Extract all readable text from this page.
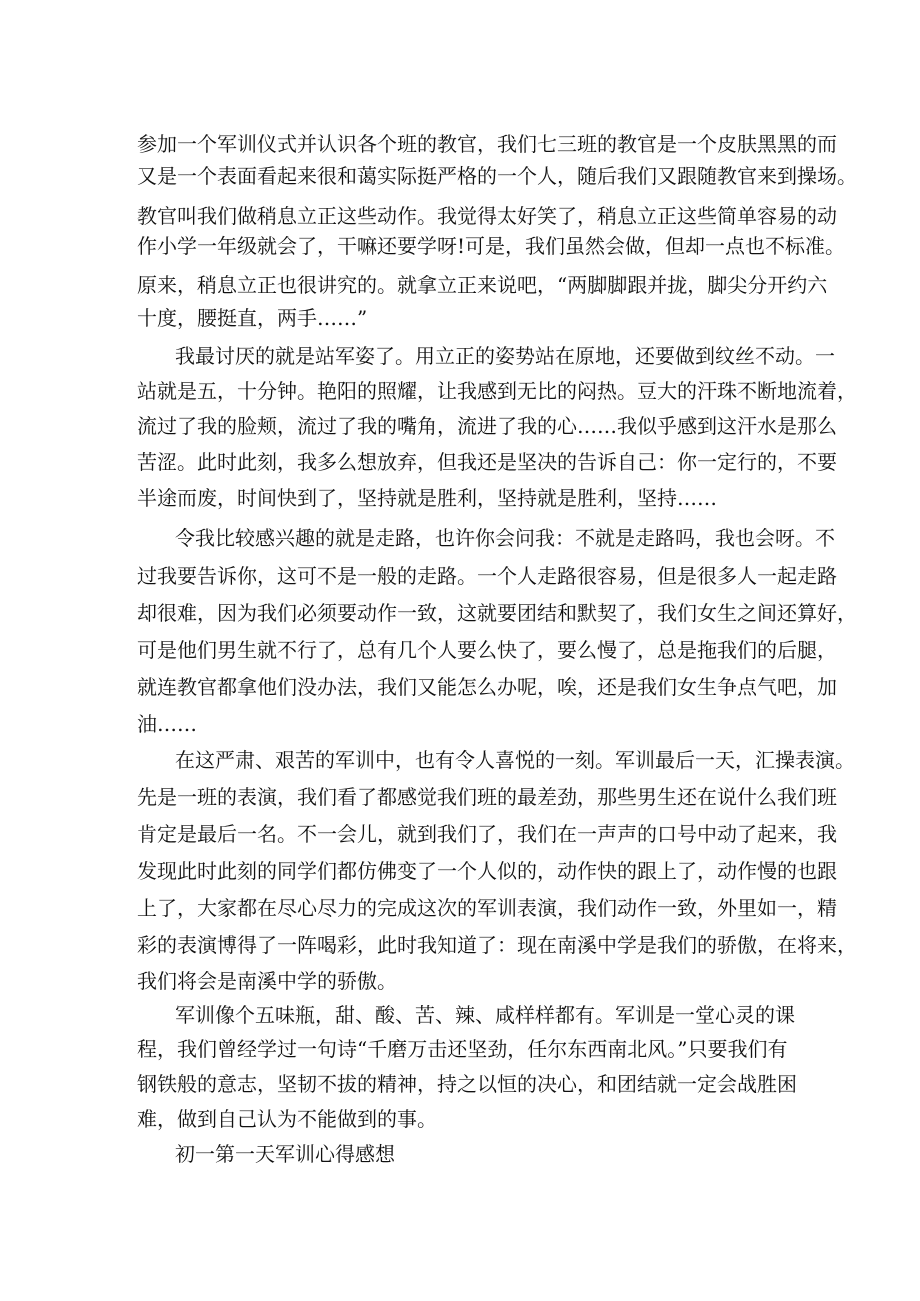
参加一个军训仪式并认识各个班的教官，我们七三班的教官是一个皮肤黑黑的而

又是一个表面看起来很和蔼实际挺严格的一个人，随后我们又跟随教官来到操场。

教官叫我们做稍息立正这些动作。我觉得太好笑了，稍息立正这些简单容易的动

作小学一年级就会了，干嘛还要学呀!可是，我们虽然会做，但却一点也不标准。

原来，稍息立正也很讲究的。就拿立正来说吧，“两脚脚跟并拢，脚尖分开约六

十度，腰挺直，两手……”

我最讨厌的就是站军姿了。用立正的姿势站在原地，还要做到纹丝不动。一

站就是五，十分钟。艳阳的照耀，让我感到无比的闷热。豆大的汗珠不断地流着，

流过了我的脸颊，流过了我的嘴角，流进了我的心……我似乎感到这汗水是那么

苦涩。此时此刻，我多么想放弃，但我还是坚决的告诉自己：你一定行的，不要

半途而废，时间快到了，坚持就是胜利，坚持就是胜利，坚持……

令我比较感兴趣的就是走路，也许你会问我：不就是走路吗，我也会呀。不

过我要告诉你，这可不是一般的走路。一个人走路很容易，但是很多人一起走路

却很难，因为我们必须要动作一致，这就要团结和默契了，我们女生之间还算好，

可是他们男生就不行了，总有几个人要么快了，要么慢了，总是拖我们的后腿，

就连教官都拿他们没办法，我们又能怎么办呢，唉，还是我们女生争点气吧，加

油……

在这严肃、艰苦的军训中，也有令人喜悦的一刻。军训最后一天，汇操表演。

先是一班的表演，我们看了都感觉我们班的最差劲，那些男生还在说什么我们班

肯定是最后一名。不一会儿，就到我们了，我们在一声声的口号中动了起来，我

发现此时此刻的同学们都仿佛变了一个人似的，动作快的跟上了，动作慢的也跟

上了，大家都在尽心尽力的完成这次的军训表演，我们动作一致，外里如一，精

彩的表演博得了一阵喝彩，此时我知道了：现在南溪中学是我们的骄傲，在将来，

我们将会是南溪中学的骄傲。

军训像个五味瓶，甜、酸、苦、辣、咸样样都有。军训是一堂心灵的课

程，我们曾经学过一句诗“千磨万击还坚劲，任尔东西南北风。”只要我们有

钢铁般的意志，坚韧不拔的精神，持之以恒的决心，和团结就一定会战胜困

难，做到自己认为不能做到的事。

初一第一天军训心得感想
